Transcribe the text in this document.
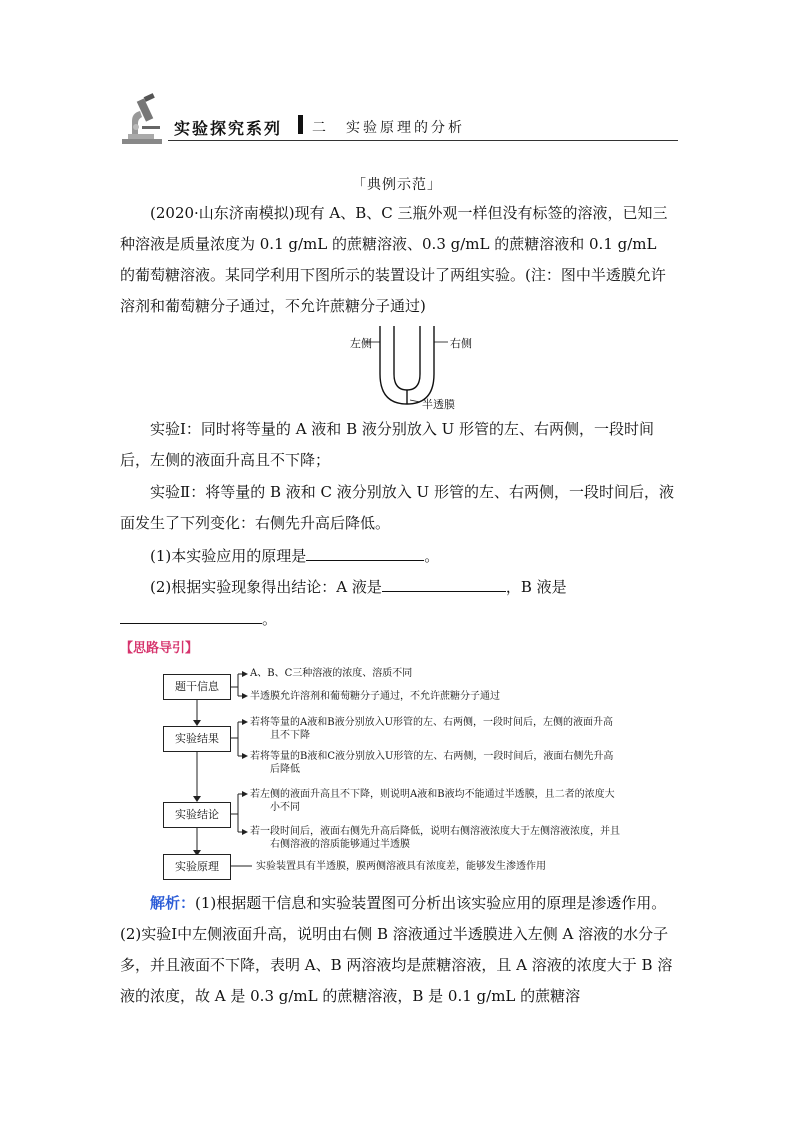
实验探究系列 二　实验原理的分析
「典例示范」
(2020·山东济南模拟)现有 A、B、C 三瓶外观一样但没有标签的溶液，已知三种溶液是质量浓度为 0.1 g/mL 的蔗糖溶液、0.3 g/mL 的蔗糖溶液和 0.1 g/mL 的葡萄糖溶液。某同学利用下图所示的装置设计了两组实验。(注：图中半透膜允许溶剂和葡萄糖分子通过，不允许蔗糖分子通过)
左侧	右侧
半透膜
实验Ⅰ：同时将等量的 A 液和 B 液分别放入 U 形管的左、右两侧，一段时间后，左侧的液面升高且不下降；
实验Ⅱ：将等量的 B 液和 C 液分别放入 U 形管的左、右两侧，一段时间后，液面发生了下列变化：右侧先升高后降低。
(1)本实验应用的原理是	。
(2)根据实验现象得出结论：A 液是	，B 液是
。
【思路导引】
题干信息
实验结果
实验结论
实验原理
A、B、C三种溶液的浓度、溶质不同
半透膜允许溶剂和葡萄糖分子通过，不允许蔗糖分子通过
若将等量的A液和B液分别放入U形管的左、右两侧，一段时间后，左侧的液面升高
且不下降
若将等量的B液和C液分别放入U形管的左、右两侧，一段时间后，液面右侧先升高
后降低
若左侧的液面升高且不下降，则说明A液和B液均不能通过半透膜，且二者的浓度大
小不同
若一段时间后，液面右侧先升高后降低，说明右侧溶液浓度大于左侧溶液浓度，并且
右侧溶液的溶质能够通过半透膜
实验装置具有半透膜，膜两侧溶液具有浓度差，能够发生渗透作用
解析：(1)根据题干信息和实验装置图可分析出该实验应用的原理是渗透作用。(2)实验Ⅰ中左侧液面升高，说明由右侧 B 溶液通过半透膜进入左侧 A 溶液的水分子多，并且液面不下降，表明 A、B 两溶液均是蔗糖溶液，且 A 溶液的浓度大于 B 溶液的浓度，故 A 是 0.3 g/mL 的蔗糖溶液，B 是 0.1 g/mL 的蔗糖溶
